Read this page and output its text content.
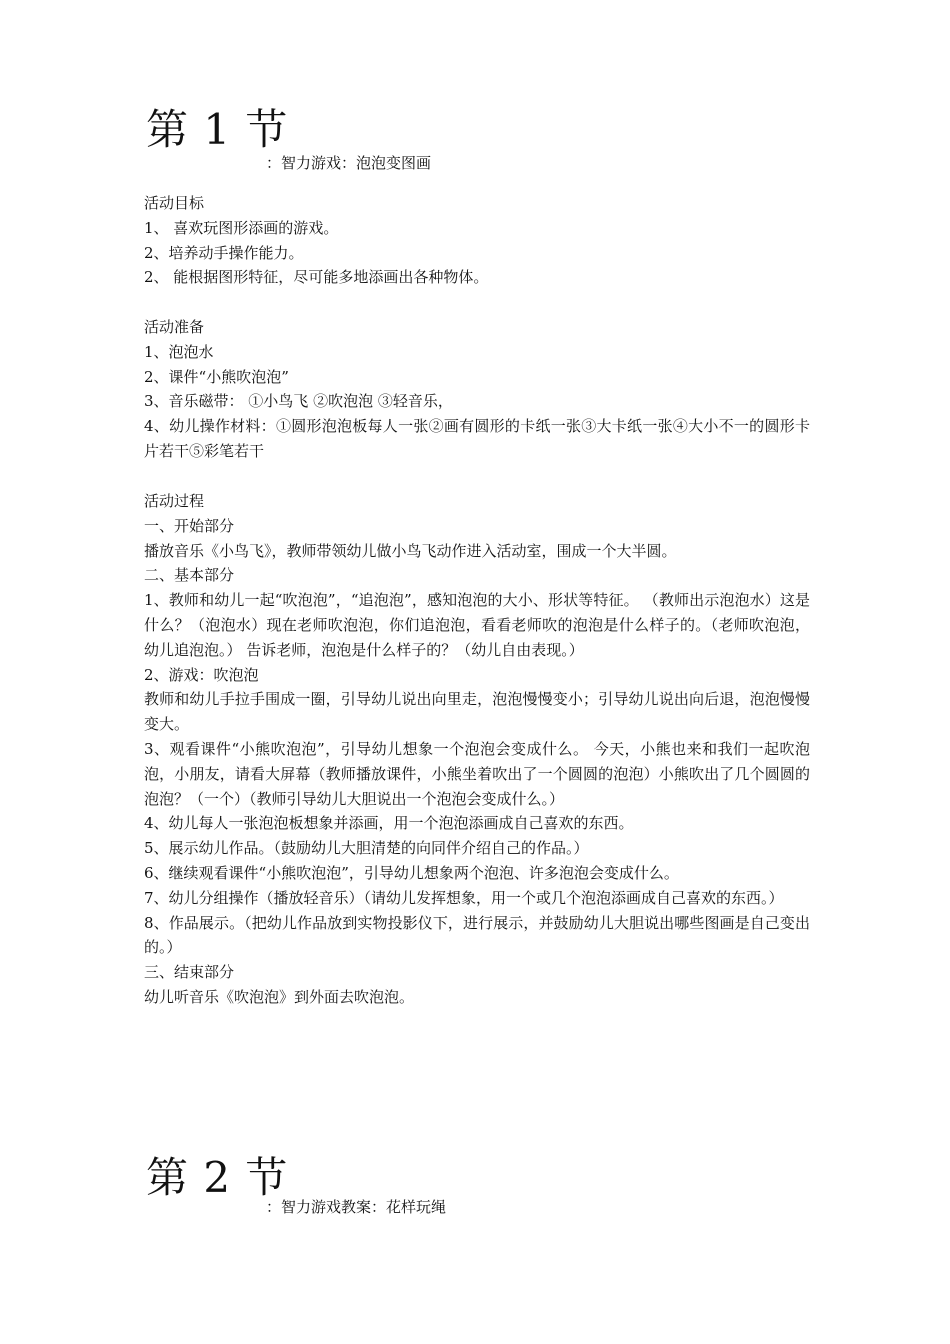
第 1 节
：智力游戏：泡泡变图画

活动目标

1、 喜欢玩图形添画的游戏。

2、培养动手操作能力。

2、 能根据图形特征，尽可能多地添画出各种物体。

活动准备

1、泡泡水

2、课件“小熊吹泡泡”

3、音乐磁带： ①小鸟飞 ②吹泡泡 ③轻音乐，

4、幼儿操作材料：①圆形泡泡板每人一张②画有圆形的卡纸一张③大卡纸一张④大小不一的圆形卡片若干⑤彩笔若干

活动过程

一、开始部分

播放音乐《小鸟飞》，教师带领幼儿做小鸟飞动作进入活动室，围成一个大半圆。

二、基本部分

1、教师和幼儿一起“吹泡泡”，“追泡泡”，感知泡泡的大小、形状等特征。 （教师出示泡泡水）这是什么？（泡泡水）现在老师吹泡泡，你们追泡泡，看看老师吹的泡泡是什么样子的。（老师吹泡泡，幼儿追泡泡。） 告诉老师，泡泡是什么样子的？（幼儿自由表现。）

2、游戏：吹泡泡

教师和幼儿手拉手围成一圈，引导幼儿说出向里走，泡泡慢慢变小；引导幼儿说出向后退，泡泡慢慢变大。

3、观看课件“小熊吹泡泡”，引导幼儿想象一个泡泡会变成什么。 今天，小熊也来和我们一起吹泡泡，小朋友，请看大屏幕（教师播放课件，小熊坐着吹出了一个圆圆的泡泡）小熊吹出了几个圆圆的泡泡？（一个）（教师引导幼儿大胆说出一个泡泡会变成什么。）

4、幼儿每人一张泡泡板想象并添画，用一个泡泡添画成自己喜欢的东西。

5、展示幼儿作品。（鼓励幼儿大胆清楚的向同伴介绍自己的作品。）

6、继续观看课件“小熊吹泡泡”，引导幼儿想象两个泡泡、许多泡泡会变成什么。

7、幼儿分组操作（播放轻音乐）（请幼儿发挥想象，用一个或几个泡泡添画成自己喜欢的东西。）

8、作品展示。（把幼儿作品放到实物投影仪下，进行展示，并鼓励幼儿大胆说出哪些图画是自己变出的。）

三、结束部分

幼儿听音乐《吹泡泡》到外面去吹泡泡。

第 2 节
：智力游戏教案：花样玩绳
